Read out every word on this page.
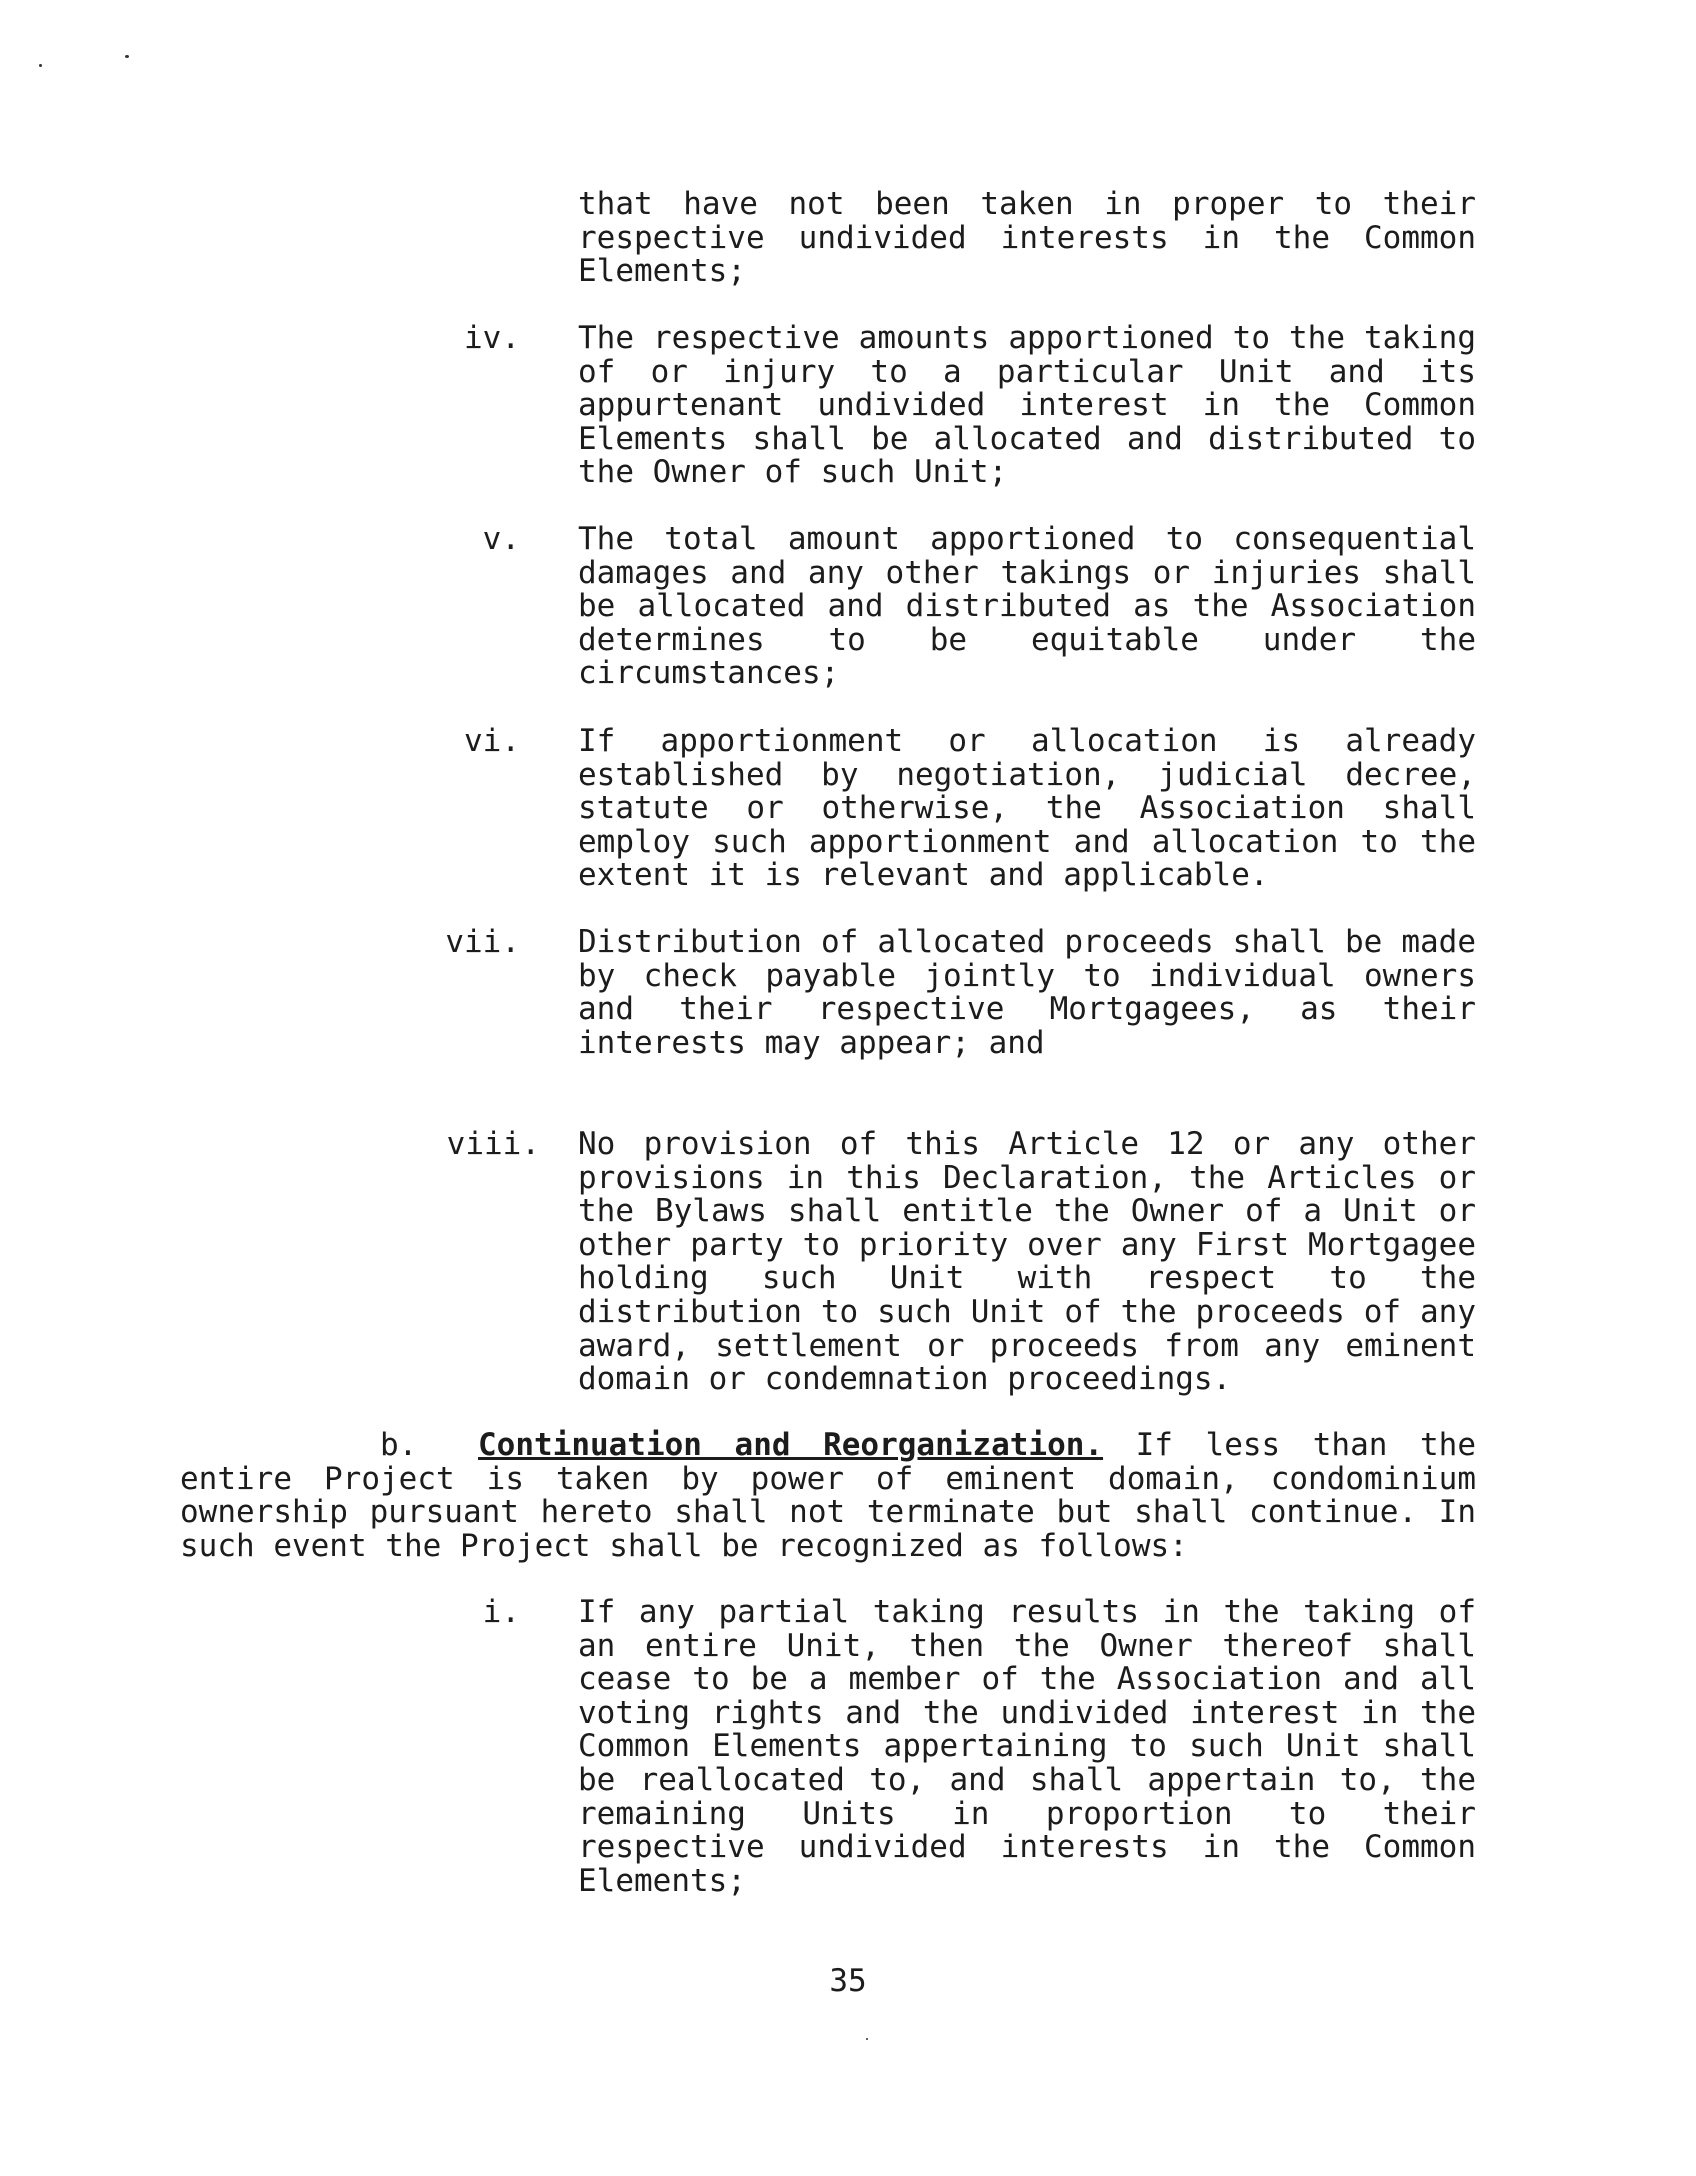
that have not been taken in proper to their respective undivided interests in the Common Elements;
iv. The respective amounts apportioned to the taking of or injury to a particular Unit and its appurtenant undivided interest in the Common Elements shall be allocated and distributed to the Owner of such Unit;
v. The total amount apportioned to consequential damages and any other takings or injuries shall be allocated and distributed as the Association determines to be equitable under the circumstances;
vi. If apportionment or allocation is already established by negotiation, judicial decree, statute or otherwise, the Association shall employ such apportionment and allocation to the extent it is relevant and applicable.
vii. Distribution of allocated proceeds shall be made by check payable jointly to individual owners and their respective Mortgagees, as their interests may appear; and
viii. No provision of this Article 12 or any other provisions in this Declaration, the Articles or the Bylaws shall entitle the Owner of a Unit or other party to priority over any First Mortgagee holding such Unit with respect to the distribution to such Unit of the proceeds of any award, settlement or proceeds from any eminent domain or condemnation proceedings.
b. Continuation and Reorganization. If less than the entire Project is taken by power of eminent domain, condominium ownership pursuant hereto shall not terminate but shall continue. In such event the Project shall be recognized as follows:
i. If any partial taking results in the taking of an entire Unit, then the Owner thereof shall cease to be a member of the Association and all voting rights and the undivided interest in the Common Elements appertaining to such Unit shall be reallocated to, and shall appertain to, the remaining Units in proportion to their respective undivided interests in the Common Elements;
35
